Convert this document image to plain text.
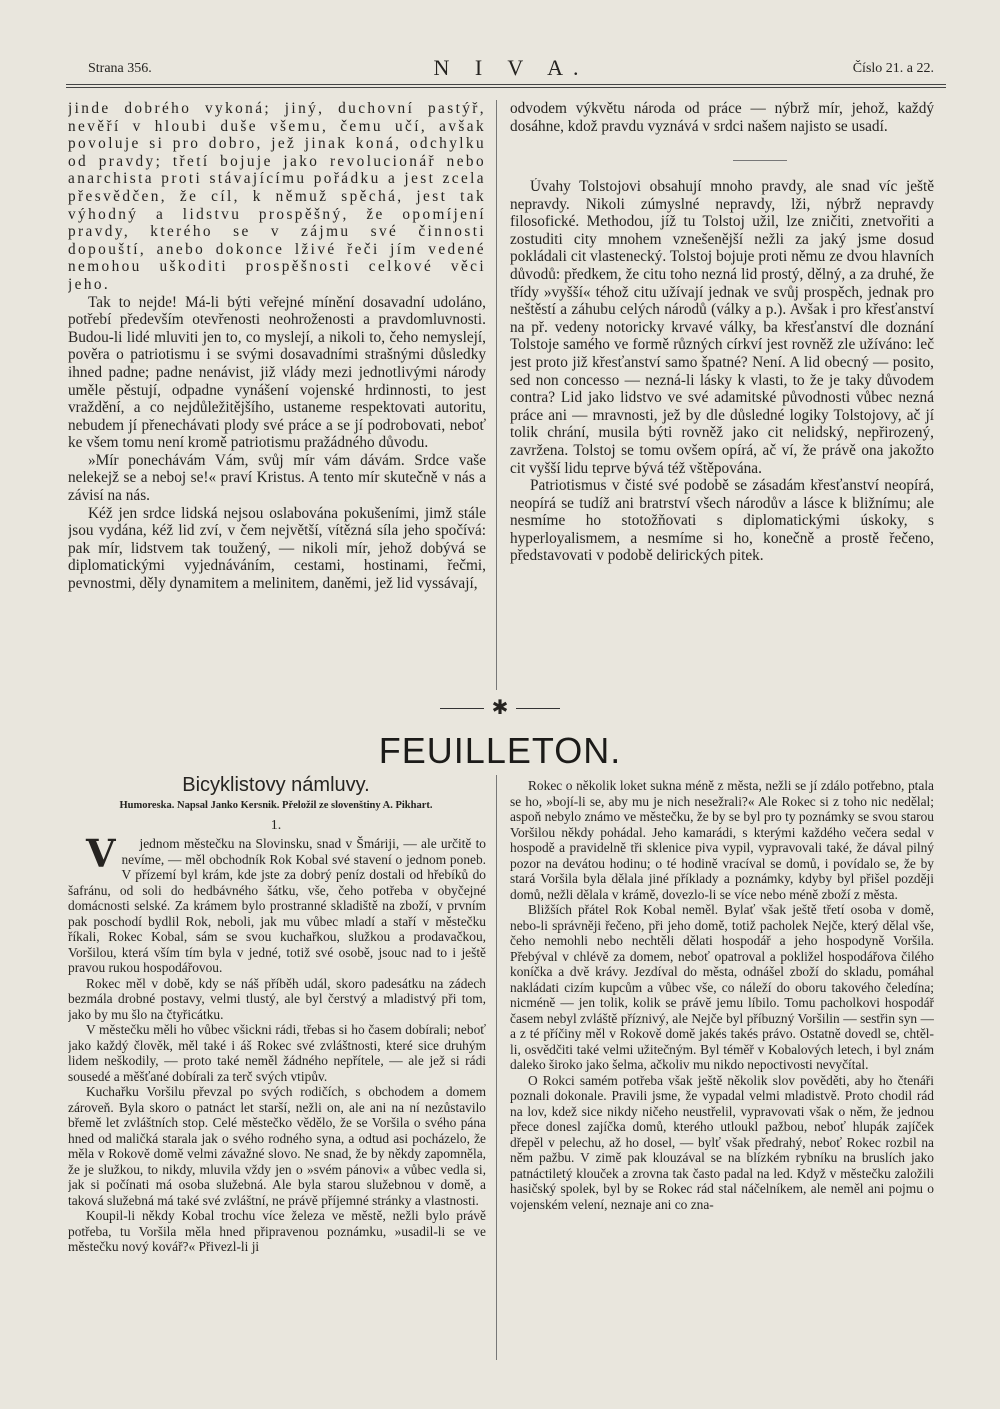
Strana 356.	N I V A.	Číslo 21. a 22.

jinde dobrého vykoná; jiný, duchovní pastýř, nevěří v hloubi duše všemu, čemu učí, avšak povoluje si pro dobro, jež jinak koná, odchylku od pravdy; třetí bojuje jako revolucionář nebo anarchista proti stávajícímu pořádku a jest zcela přesvědčen, že cíl, k němuž spěchá, jest tak výhodný a lidstvu prospěšný, že opomíjení pravdy, kterého se v zájmu své činnosti dopouští, anebo dokonce lživé řeči jím vedené nemohou uškoditi prospěšnosti celkové věci jeho.

Tak to nejde! Má-li býti veřejné mínění dosavadní udoláno, potřebí především otevřenosti neohroženosti a pravdomluvnosti. Budou-li lidé mluviti jen to, co myslejí, a nikoli to, čeho nemyslejí, pověra o patriotismu i se svými dosavadními strašnými důsledky ihned padne; padne nenávist, již vlády mezi jednotlivými národy uměle pěstují, odpadne vynášení vojenské hrdinnosti, to jest vraždění, a co nejdůležitějšího, ustaneme respektovati autoritu, nebudem jí přenechávati plody své práce a se jí podrobovati, neboť ke všem tomu není kromě patriotismu pražádného důvodu.

»Mír ponechávám Vám, svůj mír vám dávám. Srdce vaše nelekejž se a neboj se!« praví Kristus. A tento mír skutečně v nás a závisí na nás.

Kéž jen srdce lidská nejsou oslabována pokušeními, jimž stále jsou vydána, kéž lid zví, v čem největší, vítězná síla jeho spočívá: pak mír, lidstvem tak toužený, — nikoli mír, jehož dobývá se diplomatickými vyjednáváním, cestami, hostinami, řečmi, pevnostmi, děly dynamitem a melinitem, daněmi, jež lid vyssávají,

odvodem výkvětu národa od práce — nýbrž mír, jehož, každý dosáhne, kdož pravdu vyznává v srdci našem najisto se usadí.

Úvahy Tolstojovi obsahují mnoho pravdy, ale snad víc ještě nepravdy. Nikoli zúmyslné nepravdy, lži, nýbrž nepravdy filosofické. Methodou, jíž tu Tolstoj užil, lze zničiti, znetvořiti a zostuditi city mnohem vznešenější nežli za jaký jsme dosud pokládali cit vlastenecký. Tolstoj bojuje proti němu ze dvou hlavních důvodů: předkem, že citu toho nezná lid prostý, dělný, a za druhé, že třídy »vyšší« téhož citu užívají jednak ve svůj prospěch, jednak pro neštěstí a záhubu celých národů (války a p.). Avšak i pro křesťanství na př. vedeny notoricky krvavé války, ba křesťanství dle doznání Tolstoje samého ve formě různých církví jest rovněž zle užíváno: leč jest proto již křesťanství samo špatné? Není. A lid obecný — posito, sed non concesso — nezná-li lásky k vlasti, to že je taky důvodem contra? Lid jako lidstvo ve své adamitské původnosti vůbec nezná práce ani — mravnosti, jež by dle důsledné logiky Tolstojovy, ač jí tolik chrání, musila býti rovněž jako cit nelidský, nepřirozený, zavržena. Tolstoj se tomu ovšem opírá, ač ví, že právě ona jakožto cit vyšší lidu teprve bývá též vštěpována.

Patriotismus v čisté své podobě se zásadám křesťanství neopírá, neopírá se tudíž ani bratrství všech národův a lásce k bližnímu; ale nesmíme ho stotožňovati s diplomatickými úskoky, s hyperloyalismem, a nesmíme si ho, konečně a prostě řečeno, představovati v podobě delirických pitek.

✱
FEUILLETON.
Bicyklistovy námluvy.
Humoreska. Napsal Janko Kersnik. Přeložil ze slovenštiny A. Pikhart.
1.

V jednom městečku na Slovinsku, snad v Šmáriji, — ale určitě to nevíme, — měl obchodník Rok Kobal své stavení o jednom poneb. V přízemí byl krám, kde jste za dobrý peníz dostali od hřebíků do šafránu, od soli do hedbávného šátku, vše, čeho potřeba v obyčejné domácnosti selské. Za krámem bylo prostranné skladiště na zboží, v prvním pak poschodí bydlil Rok, neboli, jak mu vůbec mladí a staří v městečku říkali, Rokec Kobal, sám se svou kuchařkou, služkou a prodavačkou, Voršilou, která vším tím byla v jedné, totiž své osobě, jsouc nad to i ještě pravou rukou hospodářovou.

Rokec měl v době, kdy se náš příběh udál, skoro padesátku na zádech bezmála drobné postavy, velmi tlustý, ale byl čerstvý a mladistvý při tom, jako by mu šlo na čtyřicátku.

V městečku měli ho vůbec všickni rádi, třebas si ho časem dobírali; neboť jako každý člověk, měl také i áš Rokec své zvláštnosti, které sice druhým lidem neškodily, — proto také neměl žádného nepřítele, — ale jež si rádi sousedé a měšťané dobírali za terč svých vtipův.

Kuchařku Voršilu převzal po svých rodičích, s obchodem a domem zároveň. Byla skoro o patnáct let starší, nežli on, ale ani na ní nezůstavilo břemě let zvláštních stop. Celé městečko vědělo, že se Voršila o svého pána hned od maličká starala jak o svého rodného syna, a odtud asi pocházelo, že měla v Rokově domě velmi závažné slovo. Ne snad, že by někdy zapomněla, že je služkou, to nikdy, mluvila vždy jen o »svém pánovi« a vůbec vedla si, jak si počínati má osoba služebná. Ale byla starou služebnou v domě, a taková služebná má také své zvláštní, ne právě příjemné stránky a vlastnosti.

Koupil-li někdy Kobal trochu více železa ve městě, nežli bylo právě potřeba, tu Voršila měla hned připravenou poznámku, »usadil-li se ve městečku nový kovář?« Přivezl-li ji

Rokec o několik loket sukna méně z města, nežli se jí zdálo potřebno, ptala se ho, »bojí-li se, aby mu je nich nesežrali?« Ale Rokec si z toho nic nedělal; aspoň nebylo známo ve městečku, že by se byl pro ty poznámky se svou starou Voršilou někdy pohádal. Jeho kamarádi, s kterými každého večera sedal v hospodě a pravidelně tři sklenice piva vypil, vypravovali také, že dával pilný pozor na devátou hodinu; o té hodině vracíval se domů, i povídalo se, že by stará Voršila byla dělala jiné příklady a poznámky, kdyby byl přišel později domů, nežli dělala v krámě, dovezlo-li se více nebo méně zboží z města.

Bližších přátel Rok Kobal neměl. Bylať však ještě třetí osoba v domě, nebo-li správněji řečeno, při jeho domě, totiž pacholek Nejče, který dělal vše, čeho nemohli nebo nechtěli dělati hospodář a jeho hospodyně Voršila. Přebýval v chlévě za domem, neboť opatroval a pokližel hospodářova čilého koníčka a dvě krávy. Jezdíval do města, odnášel zboží do skladu, pomáhal nakládati cizím kupcům a vůbec vše, co náleží do oboru takového čeledína; nicméně — jen tolik, kolik se právě jemu líbilo. Tomu pacholkovi hospodář časem nebyl zvláště příznivý, ale Nejče byl příbuzný Voršilin — sestřin syn — a z té příčiny měl v Rokově domě jakés takés právo. Ostatně dovedl se, chtěl-li, osvědčiti také velmi užitečným. Byl téměř v Kobalových letech, i byl znám daleko široko jako šelma, ačkoliv mu nikdo nepoctivosti nevyčítal.

O Rokci samém potřeba však ještě několik slov pověděti, aby ho čtenáři poznali dokonale. Pravili jsme, že vypadal velmi mladistvě. Proto chodil rád na lov, kdež sice nikdy ničeho neustřelil, vypravovati však o něm, že jednou přece donesl zajíčka domů, kterého utloukl pažbou, neboť hlupák zajíček dřepěl v pelechu, až ho dosel, — bylť však předrahý, neboť Rokec rozbil na něm pažbu. V zimě pak klouzával se na blízkém rybníku na bruslích jako patnáctiletý klouček a zrovna tak často padal na led. Když v městečku založili hasičský spolek, byl by se Rokec rád stal náčelníkem, ale neměl ani pojmu o vojenském velení, neznaje ani co zna-
